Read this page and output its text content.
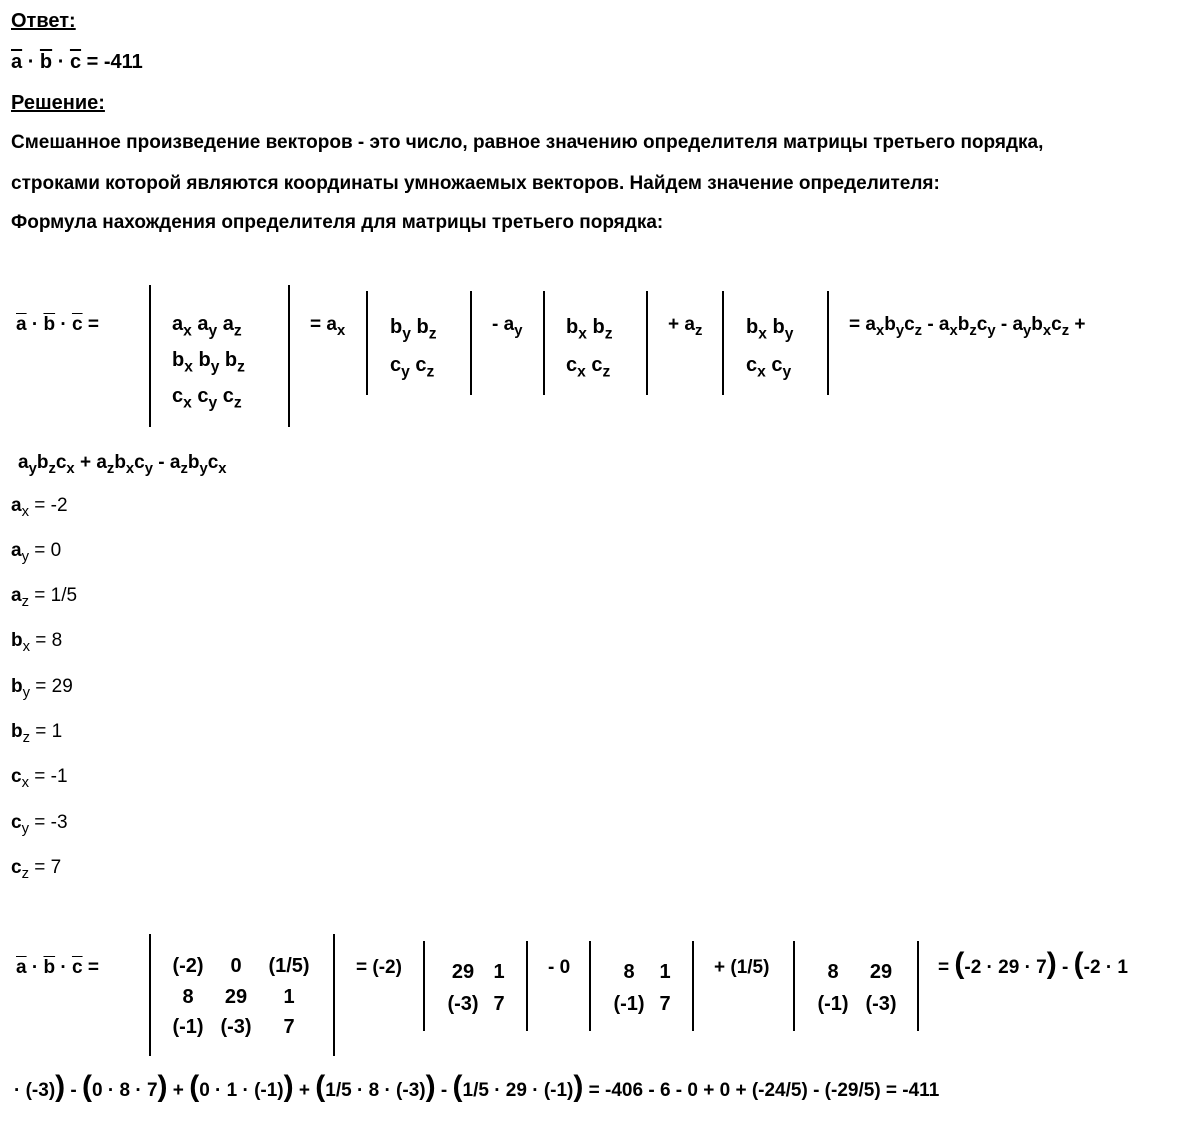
Ответ:
$\overline{a} \cdot \overline{b} \cdot \overline{c} = -411$
Решение:
Смешанное произведение векторов - это число, равное значению определителя матрицы третьего порядка,
строками которой являются координаты умножаемых векторов. Найдем значение определителя:
Формула нахождения определителя для матрицы третьего порядка:
$\overline{a} \cdot \overline{b} \cdot \overline{c}$ =	$a_x$ $a_y$ $a_z$
$b_x$ $b_y$ $b_z$
$c_x$ $c_y$ $c_z$
= $a_x$ $b_y$ $b_z$
$c_y$ $c_z$
- $a_y$ $b_x$ $b_z$
$c_x$ $c_z$
+ $a_z$ $b_x$ $b_y$
$c_x$ $c_y$
= $a_xb_yc_z - a_xb_zc_y - a_yb_xc_z$ +
$a_yb_zc_x + a_zb_xc_y - a_zb_yc_x$
$a_x = -2$
$a_y = 0$
$a_z = 1/5$
$b_x = 8$
$b_y = 29$
$b_z = 1$
$c_x = -1$
$c_y = -3$
$c_z = 7$
$\overline{a} \cdot \overline{b} \cdot \overline{c}$ =	(-2)	0	(1/5)
8	29	1
(-1) (-3)	7
= (-2)	29 1
(-3) 7
- 0	8	1
(-1) 7
+ (1/5)	8	29
(-1) (-3)
= (-2 · 29 · 7) - (-2 · 1
· (-3)) - (0 · 8 · 7) + (0 · 1 · (-1)) + (1/5 · 8 · (-3)) - (1/5 · 29 · (-1)) = -406 - 6 - 0 + 0 + (-24/5) - (-29/5) = -411
